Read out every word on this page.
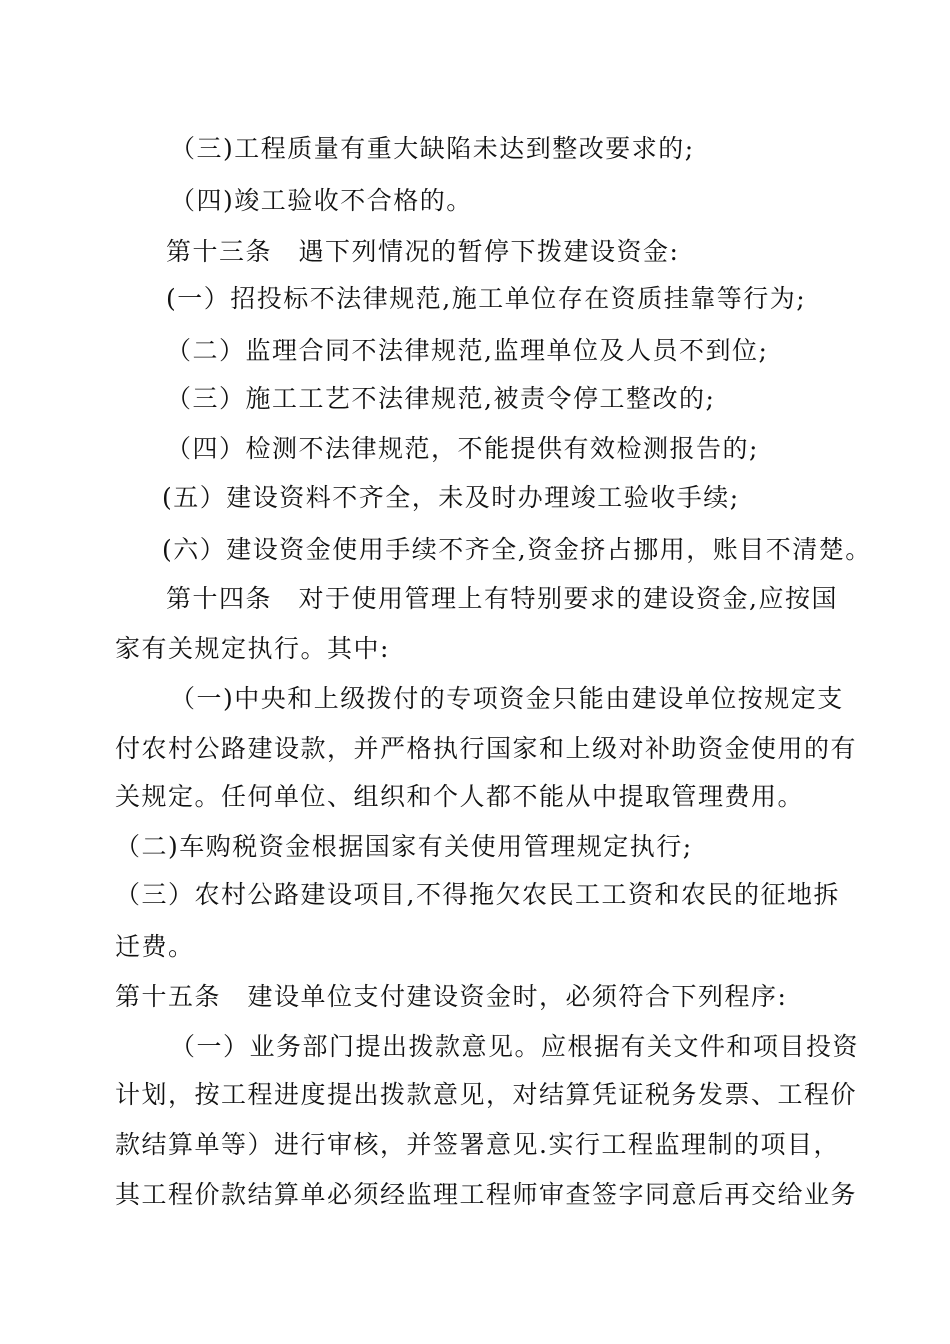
（三)工程质量有重大缺陷未达到整改要求的;
（四)竣工验收不合格的。
第十三条　遇下列情况的暂停下拨建设资金:
(一）招投标不法律规范,施工单位存在资质挂靠等行为;
（二）监理合同不法律规范,监理单位及人员不到位;
（三）施工工艺不法律规范,被责令停工整改的;
（四）检测不法律规范，不能提供有效检测报告的;
(五）建设资料不齐全，未及时办理竣工验收手续;
(六）建设资金使用手续不齐全,资金挤占挪用，账目不清楚。
第十四条　对于使用管理上有特别要求的建设资金,应按国
家有关规定执行。其中:
（一)中央和上级拨付的专项资金只能由建设单位按规定支
付农村公路建设款，并严格执行国家和上级对补助资金使用的有
关规定。任何单位、组织和个人都不能从中提取管理费用。
（二)车购税资金根据国家有关使用管理规定执行;
（三）农村公路建设项目,不得拖欠农民工工资和农民的征地拆
迁费。
第十五条　建设单位支付建设资金时，必须符合下列程序:
（一）业务部门提出拨款意见。应根据有关文件和项目投资
计划，按工程进度提出拨款意见，对结算凭证税务发票、工程价
款结算单等）进行审核，并签署意见.实行工程监理制的项目，
其工程价款结算单必须经监理工程师审查签字同意后再交给业务
